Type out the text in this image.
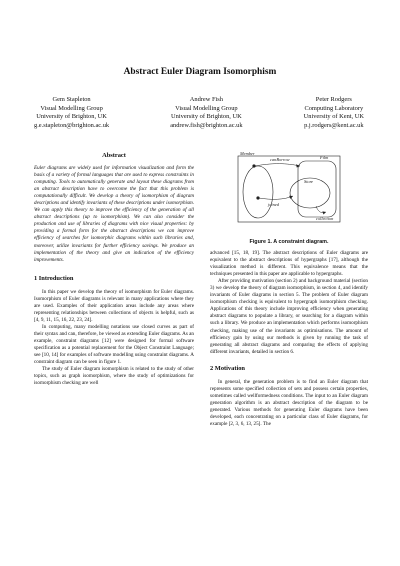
Abstract Euler Diagram Isomorphism
Gem Stapleton
Visual Modelling Group
University of Brighton, UK
g.e.stapleton@brighton.ac.uk
Andrew Fish
Visual Modelling Group
University of Brighton, UK
andrew.fish@brighton.ac.uk
Peter Rodgers
Computing Laboratory
University of Kent, UK
p.j.rodgers@kent.ac.uk

Abstract

Euler diagrams are widely used for information visualization and form the basis of a variety of formal languages that are used to express constraints in computing. Tools to automatically generate and layout these diagrams from an abstract description have to overcome the fact that this problem is computationally difficult. We develop a theory of isomorphism of diagram descriptions and identify invariants of these descriptions under isomorphism. We can apply this theory to improve the efficiency of the generation of all abstract descriptions (up to isomorphism). We can also consider the production and use of libraries of diagrams with nice visual properties: by providing a formal form for the abstract descriptions we can improve efficiency of searches for isomorphic diagrams within such libraries and, moreover, utilize invariants for further efficiency savings. We produce an implementation of the theory and give an indication of the efficiency improvements.

1 Introduction

In this paper we develop the theory of isomorphism for Euler diagrams. Isomorphism of Euler diagrams is relevant in many applications where they are used. Examples of their application areas include any areas where representing relationships between collections of objects is helpful, such as [4, 9, 11, 15, 16, 22, 23, 24].

In computing, many modelling notations use closed curves as part of their syntax and can, therefore, be viewed as extending Euler diagrams. As an example, constraint diagrams [12] were designed for formal software specification as a potential replacement for the Object Constraint Language; see [10, 14] for examples of software modelling using constraint diagrams. A constraint diagram can be seen in figure 1.

The study of Euler diagram isomorphism is related to the study of other topics, such as graph isomorphism, where the study of optimizations for isomorphism checking are well

Member
canBorrow	Film
Store
joined
collection
Figure 1. A constraint diagram.

advanced [15, 18, 19]. The abstract descriptions of Euler diagrams are equivalent to the abstract descriptions of hypergraphs [17], although the visualization method is different. This equivalence means that the techniques presented in this paper are applicable to hypergraphs.

After providing motivation (section 2) and background material (section 3) we develop the theory of diagram isomorphism, in section 4, and identify invariants of Euler diagrams in section 5. The problem of Euler diagram isomorphism checking is equivalent to hypergraph isomorphism checking. Applications of this theory include improving efficiency when generating abstract diagrams to populate a library, or searching for a diagram within such a library. We produce an implementation which performs isomorphism checking, making use of the invariants as optimisations. The amount of efficiency gain by using our methods is given by running the task of generating all abstract diagrams and comparing the effects of applying different invariants, detailed in section 6.

2 Motivation

In general, the generation problem is to find an Euler diagram that represents some specified collection of sets and possess certain properties, sometimes called wellformedness conditions. The input to an Euler diagram generation algorithm is an abstract description of the diagram to be generated. Various methods for generating Euler diagrams have been developed, each concentrating on a particular class of Euler diagrams, for example [2, 3, 6, 13, 25]. The
